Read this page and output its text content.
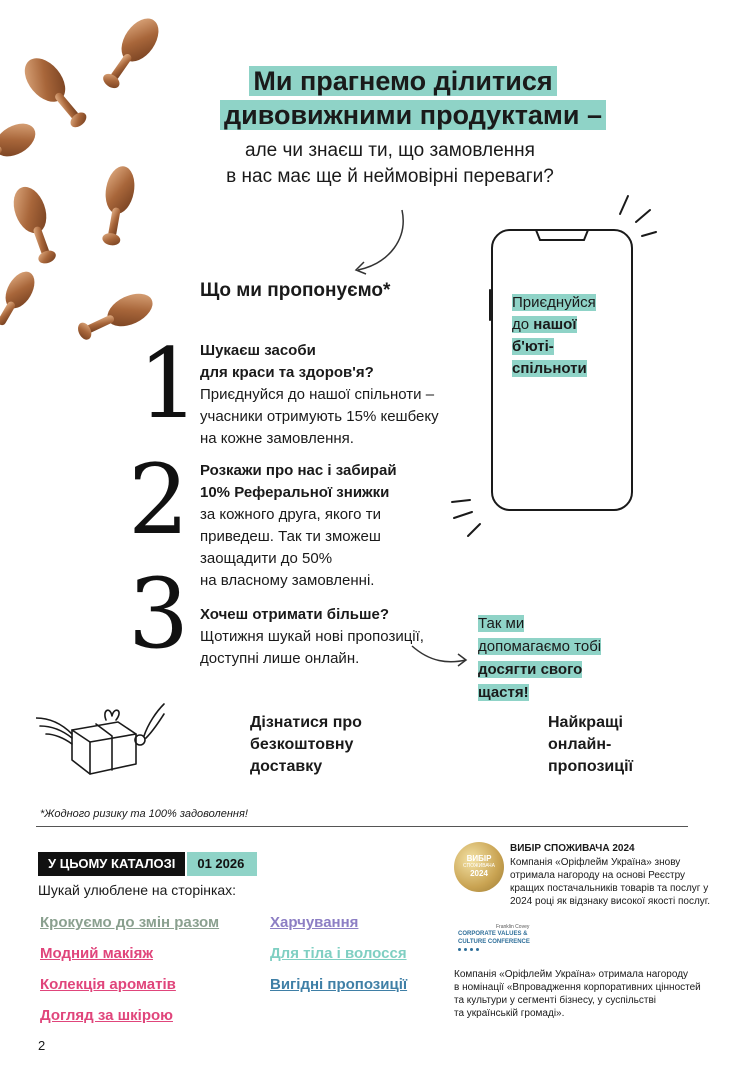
Ми прагнемо ділитися
дивовижними продуктами –
але чи знаєш ти, що замовлення
в нас має ще й неймовірні переваги?
Що ми пропонуємо*
1 Шукаєш засоби
для краси та здоров'я?
Приєднуйся до нашої спільноти –
учасники отримують 15% кешбеку
на кожне замовлення.
2 Розкажи про нас і забирай
10% Реферальної знижки
за кожного друга, якого ти
приведеш. Так ти зможеш
заощадити до 50%
на власному замовленні.
3 Хочеш отримати більше?
Щотижня шукай нові пропозиції,
доступні лише онлайн.
Приєднуйся
до нашої
б'юті-
спільноти
Так ми
допомагаємо тобі
досягти свого
щастя!
Дізнатися про
безкоштовну
доставку
Найкращі
онлайн-
пропозиції
*Жодного ризику та 100% задоволення!
У ЦЬОМУ КАТАЛОЗІ	01 2026
Шукай улюблене на сторінках:
Крокуємо до змін разом
Модний макіяж
Колекція ароматів
Догляд за шкірою
Харчування
Для тіла і волосся
Вигідні пропозиції
ВИБІР
СПОЖИВАЧА
2024
ВИБІР СПОЖИВАЧА 2024
Компанія «Оріфлейм Україна» знову
отримала нагороду на основі Реєстру
кращих постачальників товарів та послуг у
2024 році як відзнаку високої якості послуг.
Franklin Covey
CORPORATE VALUES &
CULTURE CONFERENCE
Компанія «Оріфлейм Україна» отримала нагороду
в номінації «Впровадження корпоративних цінностей
та культури у сегменті бізнесу, у суспільстві
та українській громаді».
2
